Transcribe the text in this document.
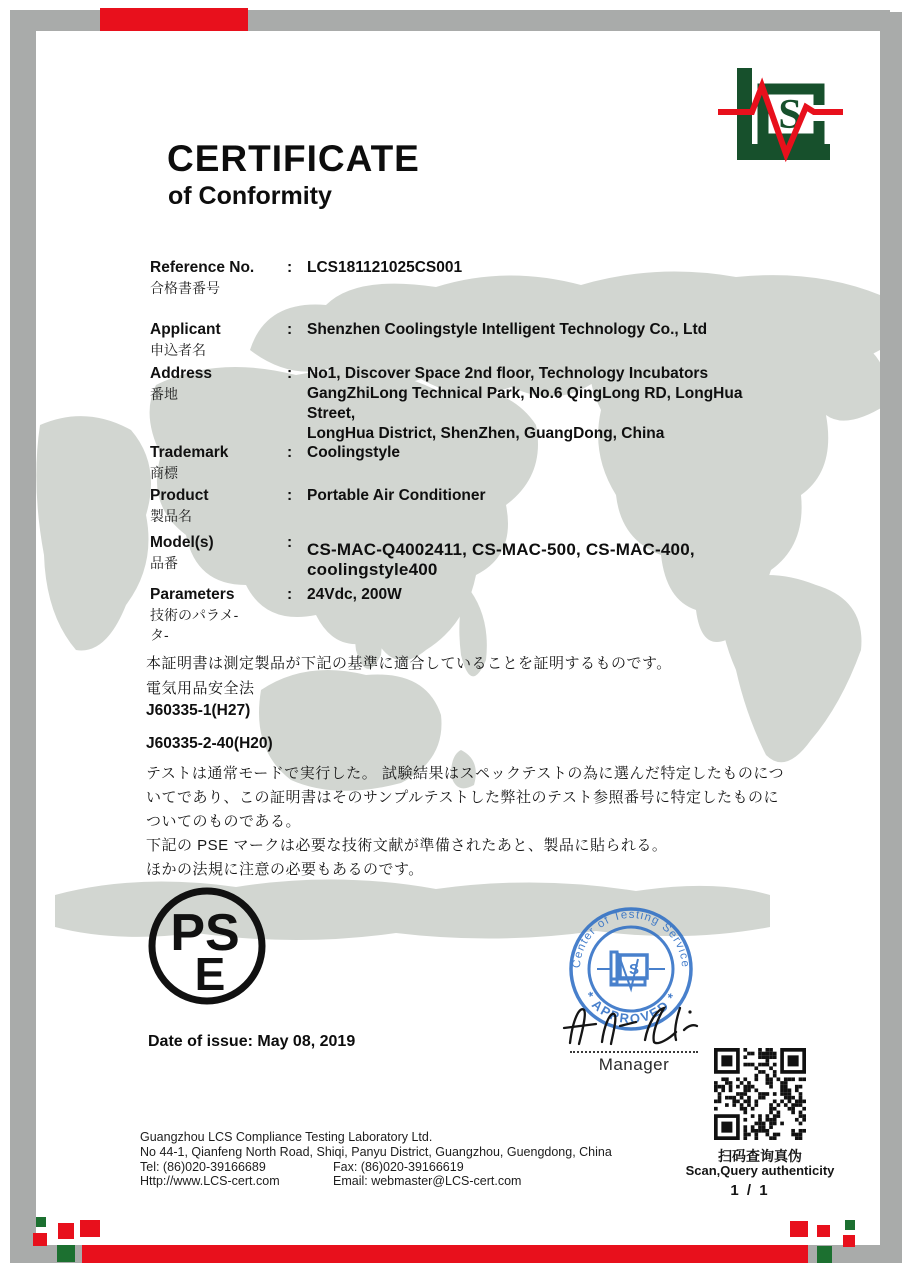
S
CERTIFICATE
of Conformity
Reference No.
合格書番号
: LCS181121025CS001
Applicant
申込者名
: Shenzhen Coolingstyle Intelligent Technology Co., Ltd
Address
番地
: No1, Discover Space 2nd floor, Technology Incubators
GangZhiLong Technical Park, No.6 QingLong RD, LongHua Street,
LongHua District, ShenZhen, GuangDong, China
Trademark
商標
: Coolingstyle
Product
製品名
: Portable Air Conditioner
Model(s)
品番
: CS-MAC-Q4002411, CS-MAC-500, CS-MAC-400, coolingstyle400
Parameters
技術のパラメ-
タ-
: 24Vdc, 200W
本証明書は測定製品が下記の基準に適合していることを証明するものです。
電気用品安全法
J60335-1(H27)
J60335-2-40(H20)
テストは通常モードで実行した。 試験結果はスペックテストの為に選んだ特定したものにつ
いてであり、この証明書はそのサンプルテストした弊社のテスト参照番号に特定したものに
ついてのものである。
下記の PSE マークは必要な技術文献が準備されたあと、製品に貼られる。
ほかの法規に注意の必要もあるのです。
PS
E	Center of Testing Service
* APPROVED *
S
Manager
Date of issue: May 08, 2019
扫码查询真伪
Scan,Query authenticity
1 / 1
Guangzhou LCS Compliance Testing Laboratory Ltd.
No 44-1, Qianfeng North Road, Shiqi, Panyu District, Guangzhou, Guengdong, China
Tel: (86)020-39166689	Fax: (86)020-39166619
Http://www.LCS-cert.com	Email: webmaster@LCS-cert.com
